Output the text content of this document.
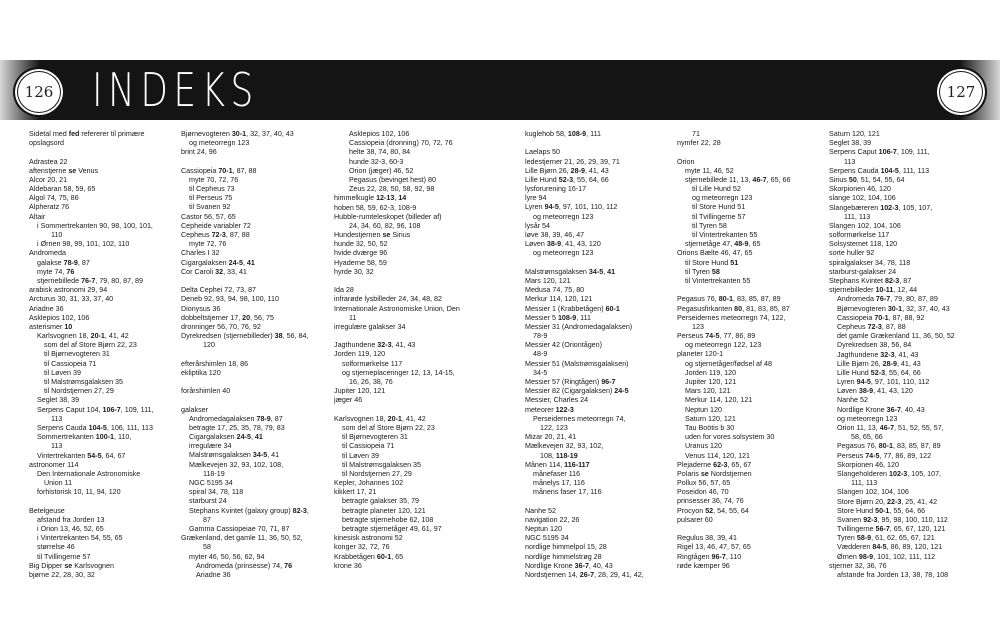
126	127
INDEKS
Sidetal med fed refererer til primære
opslagsord
Adrastea 22
aftenstjerne se Venus
Alcor 20, 21
Aldebaran 58, 59, 65
Algol 74, 75, 86
Alpheratz 76
Altair
i Sommertrekanten 90, 98, 100, 101,
110
i Ørnen 98, 99, 101, 102, 110
Andromeda
galakse 78-9, 87
myte 74, 76
stjernebillede 76-7, 79, 80, 87, 89
arabisk astronomi 29, 94
Arcturus 30, 31, 33, 37, 40
Ariadne 36
Asklepios 102, 106
asterismer 10
Karlsvognen 18, 20-1, 41, 42
som del af Store Bjørn 22, 23
til Bjørnevogteren 31
til Cassiopeia 71
til Løven 39
til Malstrømsgalaksen 35
til Nordstjernen 27, 29
Seglet 38, 39
Serpens Caput 104, 106-7, 109, 111,
113
Serpens Cauda 104-5, 106, 111, 113
Sommertrekanten 100-1, 110,
113
Vintertrekanten 54-5, 64, 67
astronomer 114
Den Internationale Astronomiske
Union 11
forhistorisk 10, 11, 94, 120
Betelgeuse
afstand fra Jorden 13
i Orion 13, 46, 52, 65
i Vintertrekanten 54, 55, 65
størrelse 46
til Tvillingerne 57
Big Dipper se Karlsvognen
bjørne 22, 28, 30, 32
Bjørnevogteren 30-1, 32, 37, 40, 43
og meteorregn 123
brint 24, 96
Cassiopeia 70-1, 87, 88
myte 70, 72, 76
til Cepheus 73
til Perseus 75
til Svanen 92
Castor 56, 57, 65
Cepheide variabler 72
Cepheus 72-3, 87, 88
myte 72, 76
Charles I 32
Cigargalaksen 24-5, 41
Cor Caroli 32, 33, 41
Delta Cephei 72, 73, 87
Deneb 92, 93, 94, 98, 100, 110
Dionysus 36
dobbeltstjerner 17, 20, 56, 75
dronninger 56, 70, 76, 92
Dyrekredsen (stjernebilleder) 38, 56, 84,
120
efterårshimlen 18, 86
ekliptika 120
forårshimlen 40
galakser
Andromedagalaksen 78-9, 87
betragte 17, 25, 35, 78, 79, 83
Cigargalaksen 24-5, 41
irregulære 34
Malstrømsgalaksen 34-5, 41
Mælkevejen 32, 93, 102, 108,
118-19
NGC 5195 34
spiral 34, 78, 118
starburst 24
Stephans Kvintet (galaxy group) 82-3,
87
Gamma Cassiopeiae 70, 71, 87
Grækenland, det gamle 11, 36, 50, 52,
58
myter 46, 50, 56, 62, 94
Andromeda (prinsesse) 74, 76
Ariadne 36
Asklepios 102, 106
Cassiopeia (dronning) 70, 72, 76
helte 38, 74, 80, 84
hunde 32-3, 60-3
Orion (jæger) 46, 52
Pegasus (bevinget hest) 80
Zeus 22, 28, 50, 58, 92, 98
himmelkugle 12-13, 14
hoben 58, 59, 62-3, 108-9
Hubble-rumteleskopet (billeder af)
24, 34, 60, 82, 96, 108
Hundestjernen se Sirius
hunde 32, 50, 52
hvide dværge 96
Hyaderne 58, 59
hyrde 30, 32
Ida 28
infrarøde lysbilleder 24, 34, 48, 82
Internationale Astronomiske Union, Den
11
irregulære galakser 34
Jagthundene 32-3, 41, 43
Jorden 119, 120
solformørkelse 117
og stjerneplaceringer 12, 13, 14-15,
16, 26, 38, 76
Jupiter 120, 121
jæger 46
Karlsvognen 18, 20-1, 41, 42
som del af Store Bjørn 22, 23
til Bjørnevogteren 31
til Cassiopeia 71
til Løven 39
til Malstrømsgalaksen 35
til Nordstjernen 27, 29
Kepler, Johannes 102
kikkert 17, 21
betragte galakser 35, 79
betragte planeter 120, 121
betragte stjernehobe 62, 108
betragte stjernetåger 49, 61, 97
kinesisk astronomi 52
konger 32, 72, 76
Krabbetågen 60-1, 65
krone 36
kuglehob 58, 108-9, 111
Laelaps 50
ledestjerner 21, 26, 29, 39, 71
Lille Bjørn 26, 28-9, 41, 43
Lille Hund 52-3, 55, 64, 66
lysforurening 16-17
lyre 94
Lyren 94-5, 97, 101, 110, 112
og meteorregn 123
lysår 54
løve 38, 39, 46, 47
Løven 38-9, 41, 43, 120
og meteorregn 123
Malstrømsgalaksen 34-5, 41
Mars 120, 121
Medusa 74, 75, 80
Merkur 114, 120, 121
Messier 1 (Krabbetågen) 60-1
Messier 5 108-9, 111
Messier 31 (Andromedagalaksen)
78-9
Messier 42 (Oriontågen)
48-9
Messier 51 (Malstrømsgalaksen)
34-5
Messier 57 (Ringtågen) 96-7
Messier 82 (Cigargalaksen) 24-5
Messier, Charles 24
meteorer 122-3
Perseidernes meteorregn 74,
122, 123
Mizar 20, 21, 41
Mælkevejen 32, 93, 102,
108, 118-19
Månen 114, 116-117
månefaser 116
månelys 17, 116
månens faser 17, 116
Nanhe 52
navigation 22, 26
Neptun 120
NGC 5195 34
nordlige himmelpol 15, 28
nordlige himmelstrøg 28
Nordlige Krone 36-7, 40, 43
Nordstjernen 14, 26-7, 28, 29, 41, 42,
71
nymfer 22, 28
Orion
myte 11, 46, 52
stjernebillede 11, 13, 46-7, 65, 66
til Lille Hund 52
og meteorregn 123
til Store Hund 51
til Tvillingerne 57
til Tyren 58
til Vintertrekanten 55
stjernetåge 47, 48-9, 65
Orions Bælte 46, 47, 65
til Store Hund 51
til Tyren 58
til Vintertrekanten 55
Pegasus 76, 80-1, 83, 85, 87, 89
Pegasusfirkanten 80, 81, 83, 85, 87
Perseidernes meteorregn 74, 122,
123
Perseus 74-5, 77, 86, 89
og meteorregn 122, 123
planeter 120-1
og stjernetåger/fødsel af 48
Jorden 119, 120
Jupiter 120, 121
Mars 120, 121
Merkur 114, 120, 121
Neptun 120
Saturn 120, 121
Tau Boötis b 30
uden for vores solsystem 30
Uranus 120
Venus 114, 120, 121
Plejaderne 62-3, 65, 67
Polaris se Nordstjernen
Pollux 56, 57, 65
Poseidon 46, 70
prinsesser 36, 74, 76
Procyon 52, 54, 55, 64
pulsarer 60
Regulus 38, 39, 41
Rigel 13, 46, 47, 57, 65
Ringtågen 96-7, 110
røde kæmper 96
Saturn 120, 121
Seglet 38, 39
Serpens Caput 106-7, 109, 111,
113
Serpens Cauda 104-5, 111, 113
Sirius 50, 51, 54, 55, 64
Skorpionen 46, 120
slange 102, 104, 106
Slangebæreren 102-3, 105, 107,
111, 113
Slangen 102, 104, 106
solformørkelse 117
Solsystemet 118, 120
sorte huller 92
spiralgalakser 34, 78, 118
starburst-galakser 24
Stephans Kvintet 82-3, 87
stjernebilleder 10-11, 12, 44
Andromeda 76-7, 79, 80, 87, 89
Bjørnevogteren 30-1, 32, 37, 40, 43
Cassiopeia 70-1, 87, 88, 92
Cepheus 72-3, 87, 88
det gamle Grækenland 11, 36, 50, 52
Dyrekredsen 38, 56, 84
Jagthundene 32-3, 41, 43
Lille Bjørn 26, 28-9, 41, 43
Lille Hund 52-3, 55, 64, 66
Lyren 94-5, 97, 101, 110, 112
Løven 38-9, 41, 43, 120
Nanhe 52
Nordlige Krone 36-7, 40, 43
og meteorregn 123
Orion 11, 13, 46-7, 51, 52, 55, 57,
58, 65, 66
Pegasus 76, 80-1, 83, 85, 87, 89
Perseus 74-5, 77, 86, 89, 122
Skorpionen 46, 120
Slangeholderen 102-3, 105, 107,
111, 113
Slangen 102, 104, 106
Store Bjørn 20, 22-3, 25, 41, 42
Store Hund 50-1, 55, 64, 66
Svanen 92-3, 95, 98, 100, 110, 112
Tvillingerne 56-7, 65, 67, 120, 121
Tyren 58-9, 61, 62, 65, 67, 121
Vædderen 84-5, 86, 89, 120, 121
Ørnen 98-9, 101, 102, 111, 112
stjerner 32, 36, 76
afstande fra Jorden 13, 38, 78, 108
